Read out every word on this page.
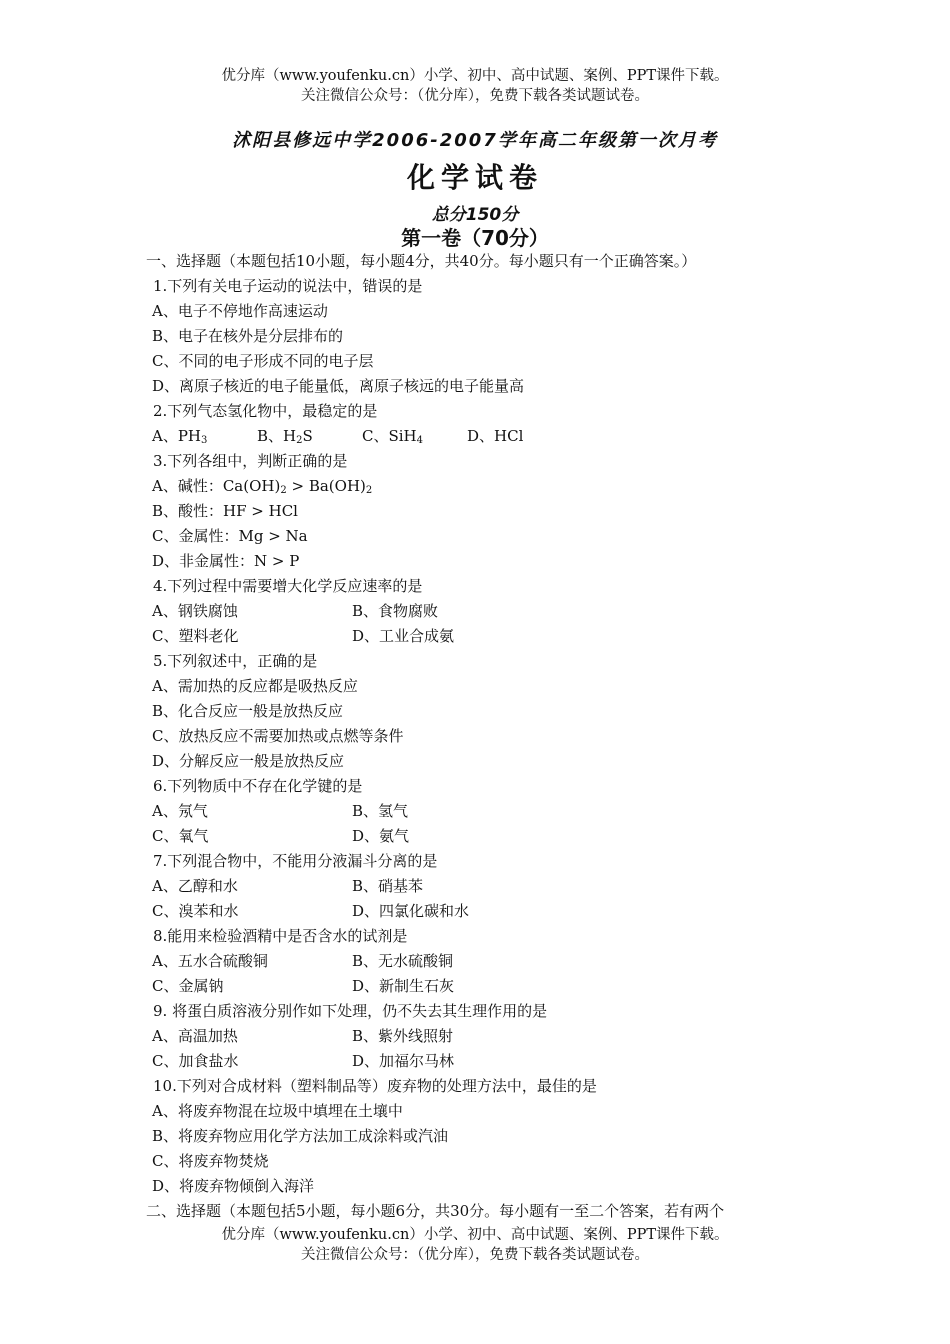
优分库（www.youfenku.cn）小学、初中、高中试题、案例、PPT课件下载。
关注微信公众号：（优分库），免费下载各类试题试卷。
沭阳县修远中学2006-2007学年高二年级第一次月考
化学试卷
总分150分
第一卷（70分）
一、选择题（本题包括10小题，每小题4分，共40分。每小题只有一个正确答案。）
1.下列有关电子运动的说法中，错误的是
A、电子不停地作高速运动
B、电子在核外是分层排布的
C、不同的电子形成不同的电子层
D、离原子核近的电子能量低，离原子核远的电子能量高
2.下列气态氢化物中，最稳定的是
A、$PH_3$	B、$H_2S$	C、SiH$_4$	D、HCl
3.下列各组中，判断正确的是
A、碱性：$Ca(OH)_2 > Ba(OH)_2$
B、酸性：HF > HCl
C、金属性：Mg > Na
D、非金属性：N > P
4.下列过程中需要增大化学反应速率的是
A、钢铁腐蚀	B、食物腐败
C、塑料老化	D、工业合成氨
5.下列叙述中，正确的是
A、需加热的反应都是吸热反应
B、化合反应一般是放热反应
C、放热反应不需要加热或点燃等条件
D、分解反应一般是放热反应
6.下列物质中不存在化学键的是
A、氖气	B、氢气
C、氧气	D、氨气
7.下列混合物中，不能用分液漏斗分离的是
A、乙醇和水	B、硝基苯
C、溴苯和水	D、四氯化碳和水
8.能用来检验酒精中是否含水的试剂是
A、五水合硫酸铜	B、无水硫酸铜
C、金属钠	D、新制生石灰
9. 将蛋白质溶液分别作如下处理，仍不失去其生理作用的是
A、高温加热	B、紫外线照射
C、加食盐水	D、加福尔马林
10.下列对合成材料（塑料制品等）废弃物的处理方法中，最佳的是
A、将废弃物混在垃圾中填埋在土壤中
B、将废弃物应用化学方法加工成涂料或汽油
C、将废弃物焚烧
D、将废弃物倾倒入海洋
二、选择题（本题包括5小题，每小题6分，共30分。每小题有一至二个答案，若有两个
优分库（www.youfenku.cn）小学、初中、高中试题、案例、PPT课件下载。
关注微信公众号：（优分库），免费下载各类试题试卷。
